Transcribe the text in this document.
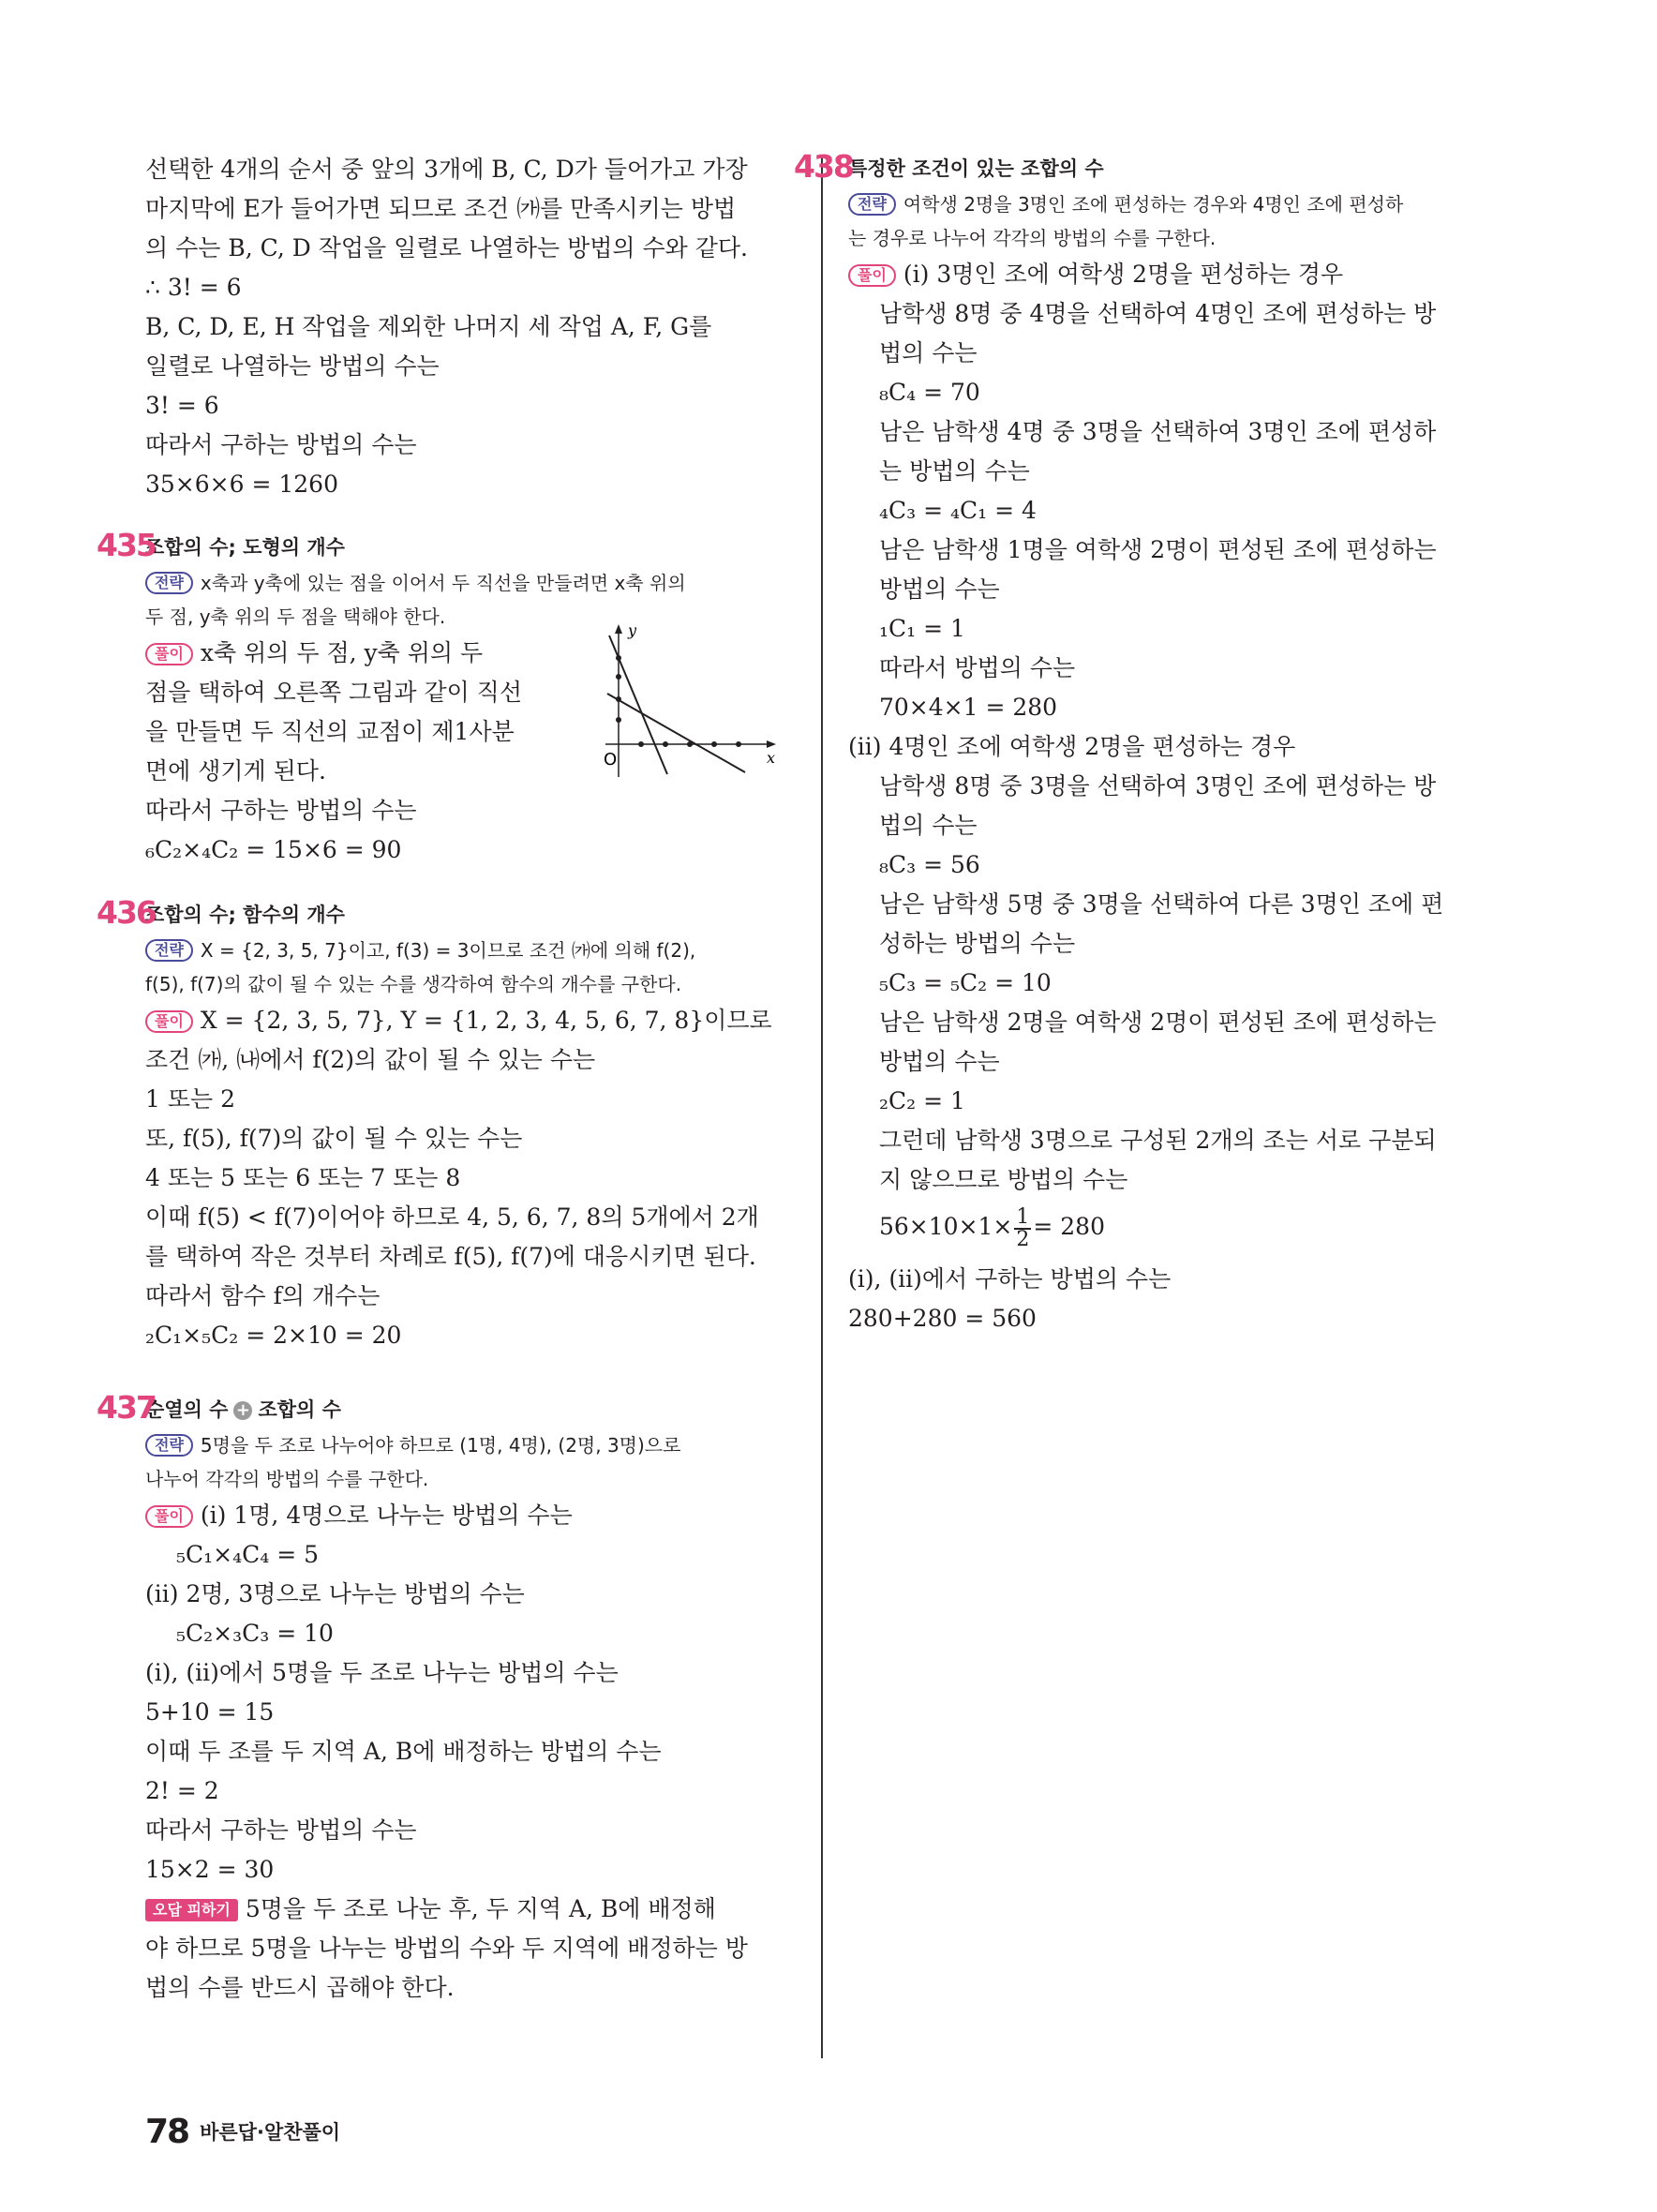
선택한 4개의 순서 중 앞의 3개에 B, C, D가 들어가고 가장
마지막에 E가 들어가면 되므로 조건 ㈎를 만족시키는 방법
의 수는 B, C, D 작업을 일렬로 나열하는 방법의 수와 같다.
∴ 3! = 6
B, C, D, E, H 작업을 제외한 나머지 세 작업 A, F, G를
일렬로 나열하는 방법의 수는
3! = 6
따라서 구하는 방법의 수는
35×6×6 = 1260
435
조합의 수; 도형의 개수
전략 x축과 y축에 있는 점을 이어서 두 직선을 만들려면 x축 위의
두 점, y축 위의 두 점을 택해야 한다.
풀이 x축 위의 두 점, y축 위의 두
점을 택하여 오른쪽 그림과 같이 직선
을 만들면 두 직선의 교점이 제1사분
면에 생기게 된다.
따라서 구하는 방법의 수는
₆C₂×₄C₂ = 15×6 = 90
y
x
O
436
조합의 수; 함수의 개수
전략 X = {2, 3, 5, 7}이고, f(3) = 3이므로 조건 ㈎에 의해 f(2),
f(5), f(7)의 값이 될 수 있는 수를 생각하여 함수의 개수를 구한다.
풀이 X = {2, 3, 5, 7}, Y = {1, 2, 3, 4, 5, 6, 7, 8}이므로
조건 ㈎, ㈏에서 f(2)의 값이 될 수 있는 수는
1 또는 2
또, f(5), f(7)의 값이 될 수 있는 수는
4 또는 5 또는 6 또는 7 또는 8
이때 f(5) < f(7)이어야 하므로 4, 5, 6, 7, 8의 5개에서 2개
를 택하여 작은 것부터 차례로 f(5), f(7)에 대응시키면 된다.
따라서 함수 f의 개수는
₂C₁×₅C₂ = 2×10 = 20
437
순열의 수 + 조합의 수
전략 5명을 두 조로 나누어야 하므로 (1명, 4명), (2명, 3명)으로
나누어 각각의 방법의 수를 구한다.
풀이 (ⅰ) 1명, 4명으로 나누는 방법의 수는
₅C₁×₄C₄ = 5
(ⅱ) 2명, 3명으로 나누는 방법의 수는
₅C₂×₃C₃ = 10
(ⅰ), (ⅱ)에서 5명을 두 조로 나누는 방법의 수는
5+10 = 15
이때 두 조를 두 지역 A, B에 배정하는 방법의 수는
2! = 2
따라서 구하는 방법의 수는
15×2 = 30
오답 피하기 5명을 두 조로 나눈 후, 두 지역 A, B에 배정해
야 하므로 5명을 나누는 방법의 수와 두 지역에 배정하는 방
법의 수를 반드시 곱해야 한다.
438
특정한 조건이 있는 조합의 수
전략 여학생 2명을 3명인 조에 편성하는 경우와 4명인 조에 편성하
는 경우로 나누어 각각의 방법의 수를 구한다.
풀이 (ⅰ) 3명인 조에 여학생 2명을 편성하는 경우
남학생 8명 중 4명을 선택하여 4명인 조에 편성하는 방
법의 수는
₈C₄ = 70
남은 남학생 4명 중 3명을 선택하여 3명인 조에 편성하
는 방법의 수는
₄C₃ = ₄C₁ = 4
남은 남학생 1명을 여학생 2명이 편성된 조에 편성하는
방법의 수는
₁C₁ = 1
따라서 방법의 수는
70×4×1 = 280
(ⅱ) 4명인 조에 여학생 2명을 편성하는 경우
남학생 8명 중 3명을 선택하여 3명인 조에 편성하는 방
법의 수는
₈C₃ = 56
남은 남학생 5명 중 3명을 선택하여 다른 3명인 조에 편
성하는 방법의 수는
₅C₃ = ₅C₂ = 10
남은 남학생 2명을 여학생 2명이 편성된 조에 편성하는
방법의 수는
₂C₂ = 1
그런데 남학생 3명으로 구성된 2개의 조는 서로 구분되
지 않으므로 방법의 수는
$56\times 10\times 1\times \frac{1}{2} = 280$
(ⅰ), (ⅱ)에서 구하는 방법의 수는
280+280 = 560
78 바른답·알찬풀이
